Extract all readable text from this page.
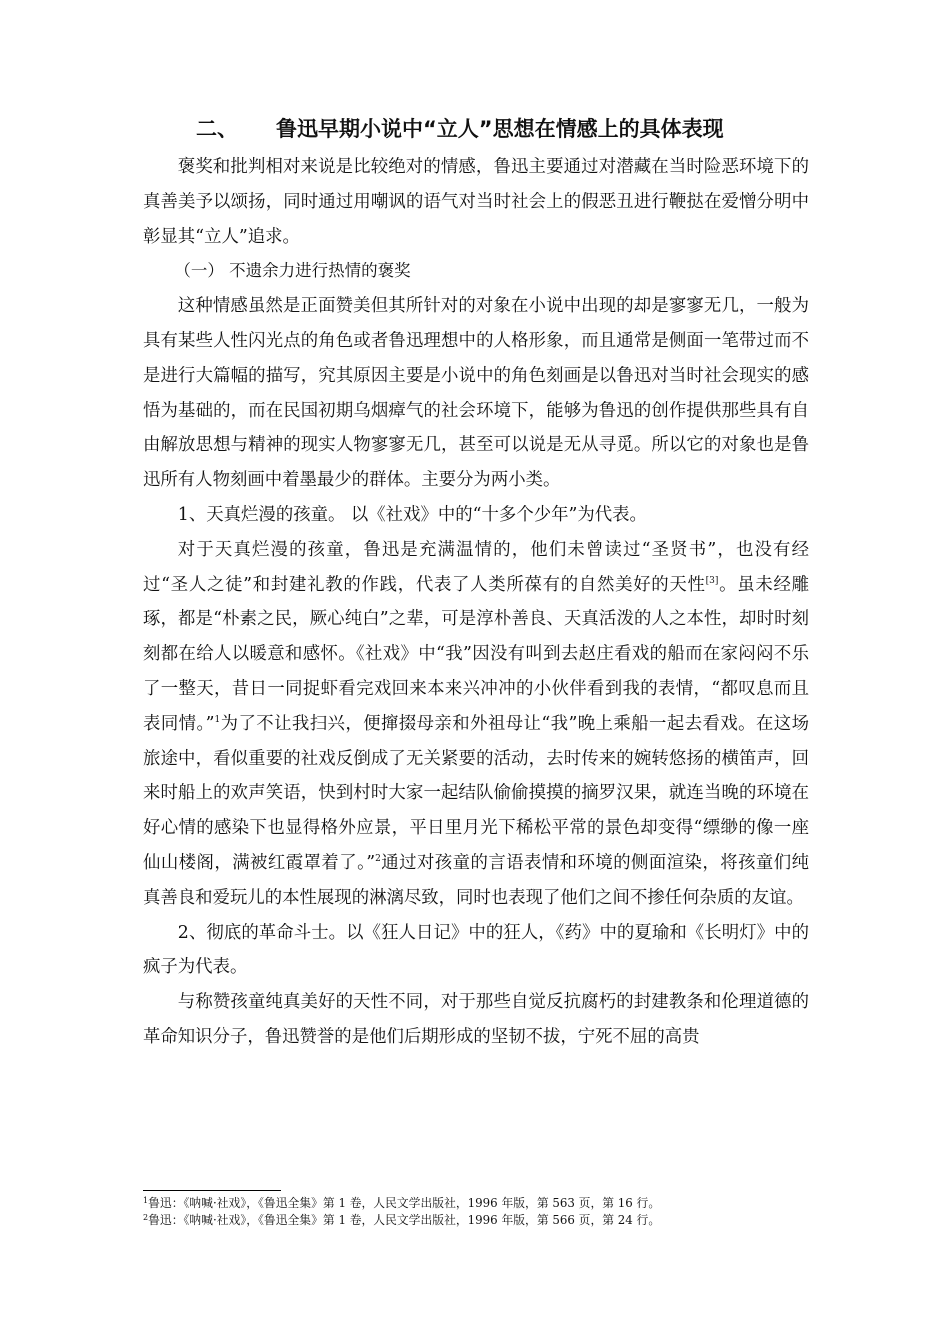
二、 鲁迅早期小说中“立人”思想在情感上的具体表现

褒奖和批判相对来说是比较绝对的情感，鲁迅主要通过对潜藏在当时险恶环境下的真善美予以颂扬，同时通过用嘲讽的语气对当时社会上的假恶丑进行鞭挞在爱憎分明中彰显其“立人”追求。

（一） 不遗余力进行热情的褒奖

这种情感虽然是正面赞美但其所针对的对象在小说中出现的却是寥寥无几，一般为具有某些人性闪光点的角色或者鲁迅理想中的人格形象，而且通常是侧面一笔带过而不是进行大篇幅的描写，究其原因主要是小说中的角色刻画是以鲁迅对当时社会现实的感悟为基础的，而在民国初期乌烟瘴气的社会环境下，能够为鲁迅的创作提供那些具有自由解放思想与精神的现实人物寥寥无几，甚至可以说是无从寻觅。所以它的对象也是鲁迅所有人物刻画中着墨最少的群体。主要分为两小类。

1、天真烂漫的孩童。 以《社戏》中的“十多个少年”为代表。

对于天真烂漫的孩童，鲁迅是充满温情的，他们未曾读过“圣贤书”，也没有经过“圣人之徒”和封建礼教的作践，代表了人类所葆有的自然美好的天性[3]。虽未经雕琢，都是“朴素之民，厥心纯白”之辈，可是淳朴善良、天真活泼的人之本性，却时时刻刻都在给人以暖意和感怀。《社戏》中“我”因没有叫到去赵庄看戏的船而在家闷闷不乐了一整天，昔日一同捉虾看完戏回来本来兴冲冲的小伙伴看到我的表情，“都叹息而且表同情。”$^1$为了不让我扫兴，便撺掇母亲和外祖母让“我”晚上乘船一起去看戏。在这场旅途中，看似重要的社戏反倒成了无关紧要的活动，去时传来的婉转悠扬的横笛声，回来时船上的欢声笑语，快到村时大家一起结队偷偷摸摸的摘罗汉果，就连当晚的环境在好心情的感染下也显得格外应景，平日里月光下稀松平常的景色却变得“缥缈的像一座仙山楼阁，满被红霞罩着了。”$^2$通过对孩童的言语表情和环境的侧面渲染，将孩童们纯真善良和爱玩儿的本性展现的淋漓尽致，同时也表现了他们之间不掺任何杂质的友谊。

2、彻底的革命斗士。以《狂人日记》中的狂人，《药》中的夏瑜和《长明灯》中的疯子为代表。

与称赞孩童纯真美好的天性不同，对于那些自觉反抗腐朽的封建教条和伦理道德的革命知识分子，鲁迅赞誉的是他们后期形成的坚韧不拔，宁死不屈的高贵

$^1$鲁迅：《呐喊·社戏》，《鲁迅全集》第 1 卷，人民文学出版社，1996 年版，第 563 页，第 16 行。
$^2$鲁迅：《呐喊·社戏》，《鲁迅全集》第 1 卷，人民文学出版社，1996 年版，第 566 页，第 24 行。
